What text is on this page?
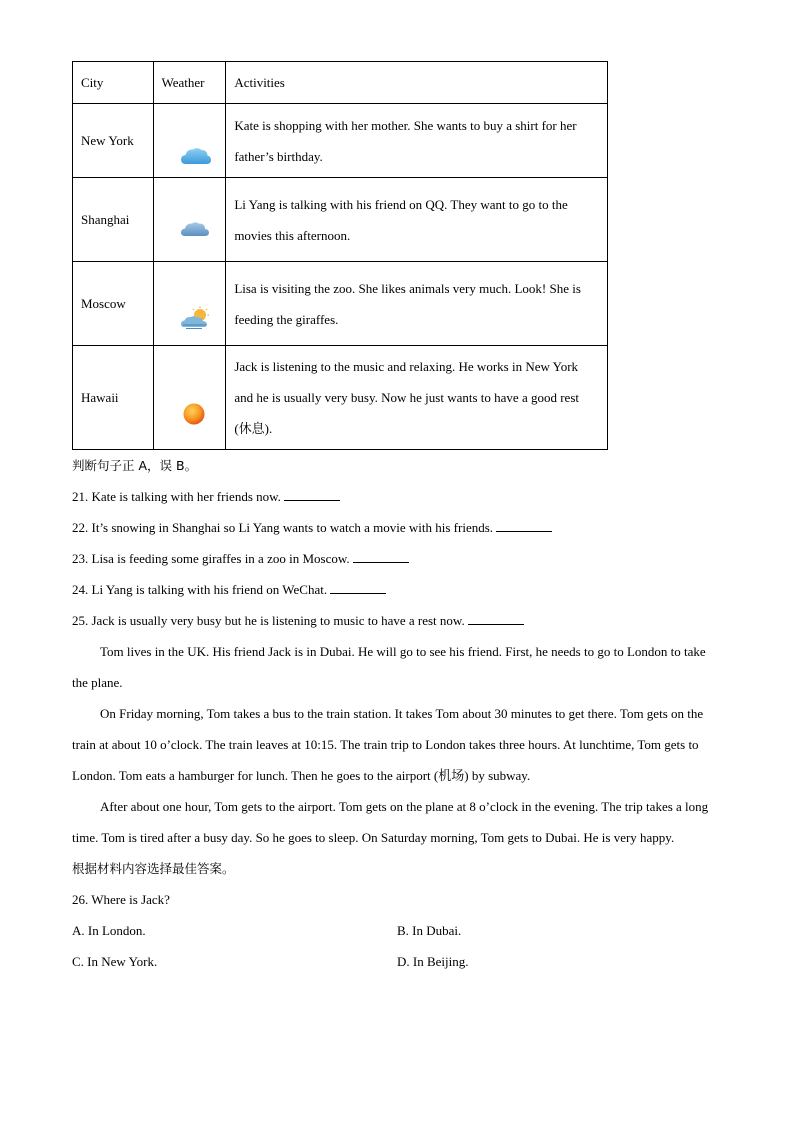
City	Weather	Activities
New York		Kate is shopping with her mother. She wants to buy a shirt for her father’s birthday.
Shanghai		Li Yang is talking with his friend on QQ. They want to go to the movies this afternoon.
Moscow		Lisa is visiting the zoo. She likes animals very much. Look! She is feeding the giraffes.
Hawaii		Jack is listening to the music and relaxing. He works in New York and he is usually very busy. Now he just wants to have a good rest (休息).
判断句子正 A，误 B。
21. Kate is talking with her friends now.
22. It’s snowing in Shanghai so Li Yang wants to watch a movie with his friends.
23. Lisa is feeding some giraffes in a zoo in Moscow.
24. Li Yang is talking with his friend on WeChat.
25. Jack is usually very busy but he is listening to music to have a rest now.
Tom lives in the UK. His friend Jack is in Dubai. He will go to see his friend. First, he needs to go to London to take the plane.
On Friday morning, Tom takes a bus to the train station. It takes Tom about 30 minutes to get there. Tom gets on the train at about 10 o’clock. The train leaves at 10:15. The train trip to London takes three hours. At lunchtime, Tom gets to London. Tom eats a hamburger for lunch. Then he goes to the airport (机场) by subway.
After about one hour, Tom gets to the airport. Tom gets on the plane at 8 o’clock in the evening. The trip takes a long time. Tom is tired after a busy day. So he goes to sleep. On Saturday morning, Tom gets to Dubai. He is very happy.
根据材料内容选择最佳答案。
26. Where is Jack?
A. In London.	B. In Dubai.
C. In New York.	D. In Beijing.
